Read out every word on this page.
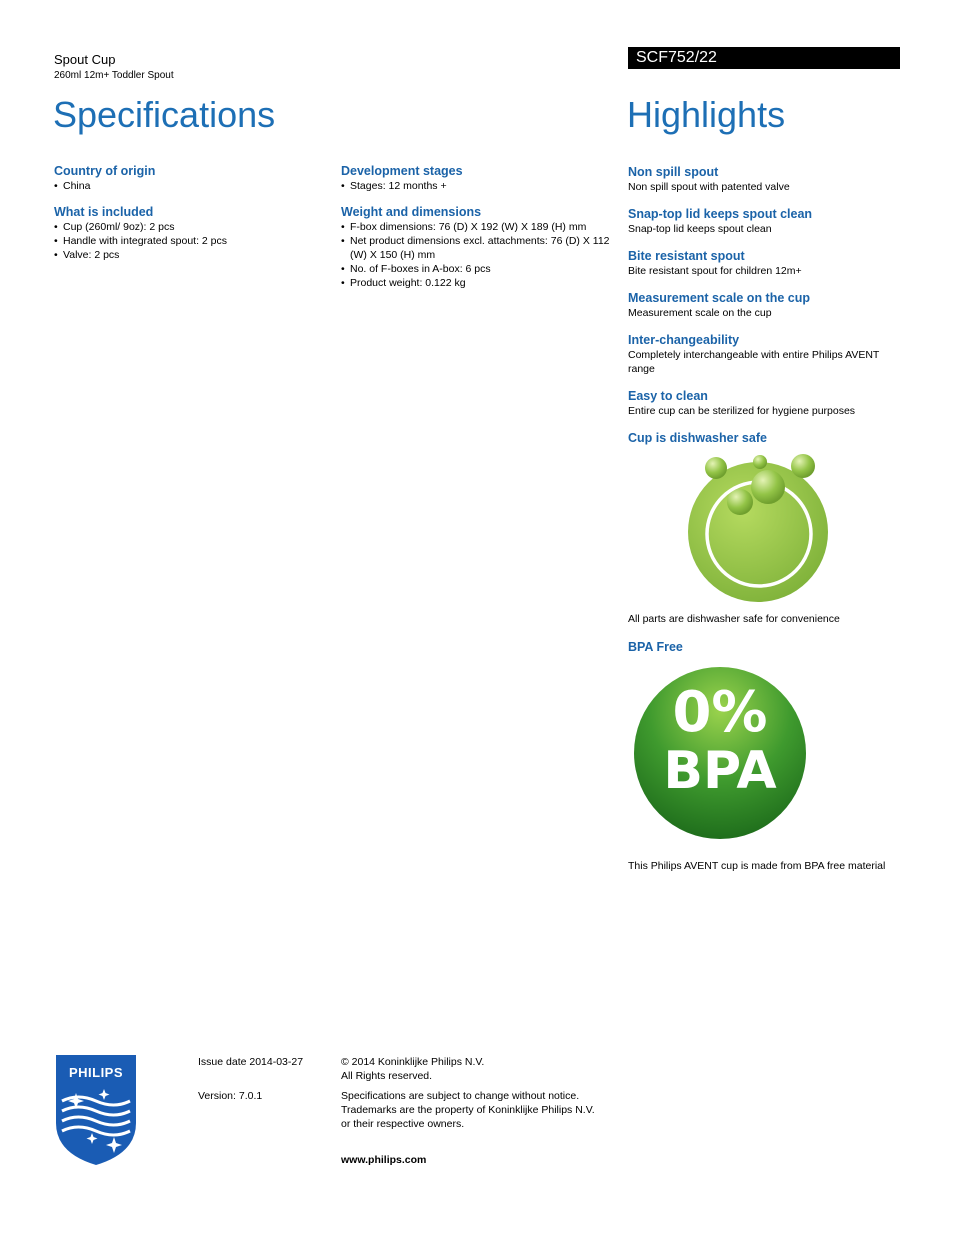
Spout Cup
260ml 12m+ Toddler Spout
SCF752/22
Specifications	Highlights
Country of origin
• China
What is included
• Cup (260ml/ 9oz): 2 pcs
• Handle with integrated spout: 2 pcs
• Valve: 2 pcs
Development stages
• Stages: 12 months +
Weight and dimensions
• F-box dimensions: 76 (D) X 192 (W) X 189 (H) mm
• Net product dimensions excl. attachments: 76 (D) X 112 (W) X 150 (H) mm
• No. of F-boxes in A-box: 6 pcs
• Product weight: 0.122 kg
Non spill spout
Non spill spout with patented valve
Snap-top lid keeps spout clean
Snap-top lid keeps spout clean
Bite resistant spout
Bite resistant spout for children 12m+
Measurement scale on the cup
Measurement scale on the cup
Inter-changeability
Completely interchangeable with entire Philips AVENT range
Easy to clean
Entire cup can be sterilized for hygiene purposes
Cup is dishwasher safe
All parts are dishwasher safe for convenience
BPA Free
0%
BPA
This Philips AVENT cup is made from BPA free material
PHILIPS
Issue date 2014-03-27
Version: 7.0.1
© 2014 Koninklijke Philips N.V.
All Rights reserved.
Specifications are subject to change without notice.
Trademarks are the property of Koninklijke Philips N.V.
or their respective owners.
www.philips.com
